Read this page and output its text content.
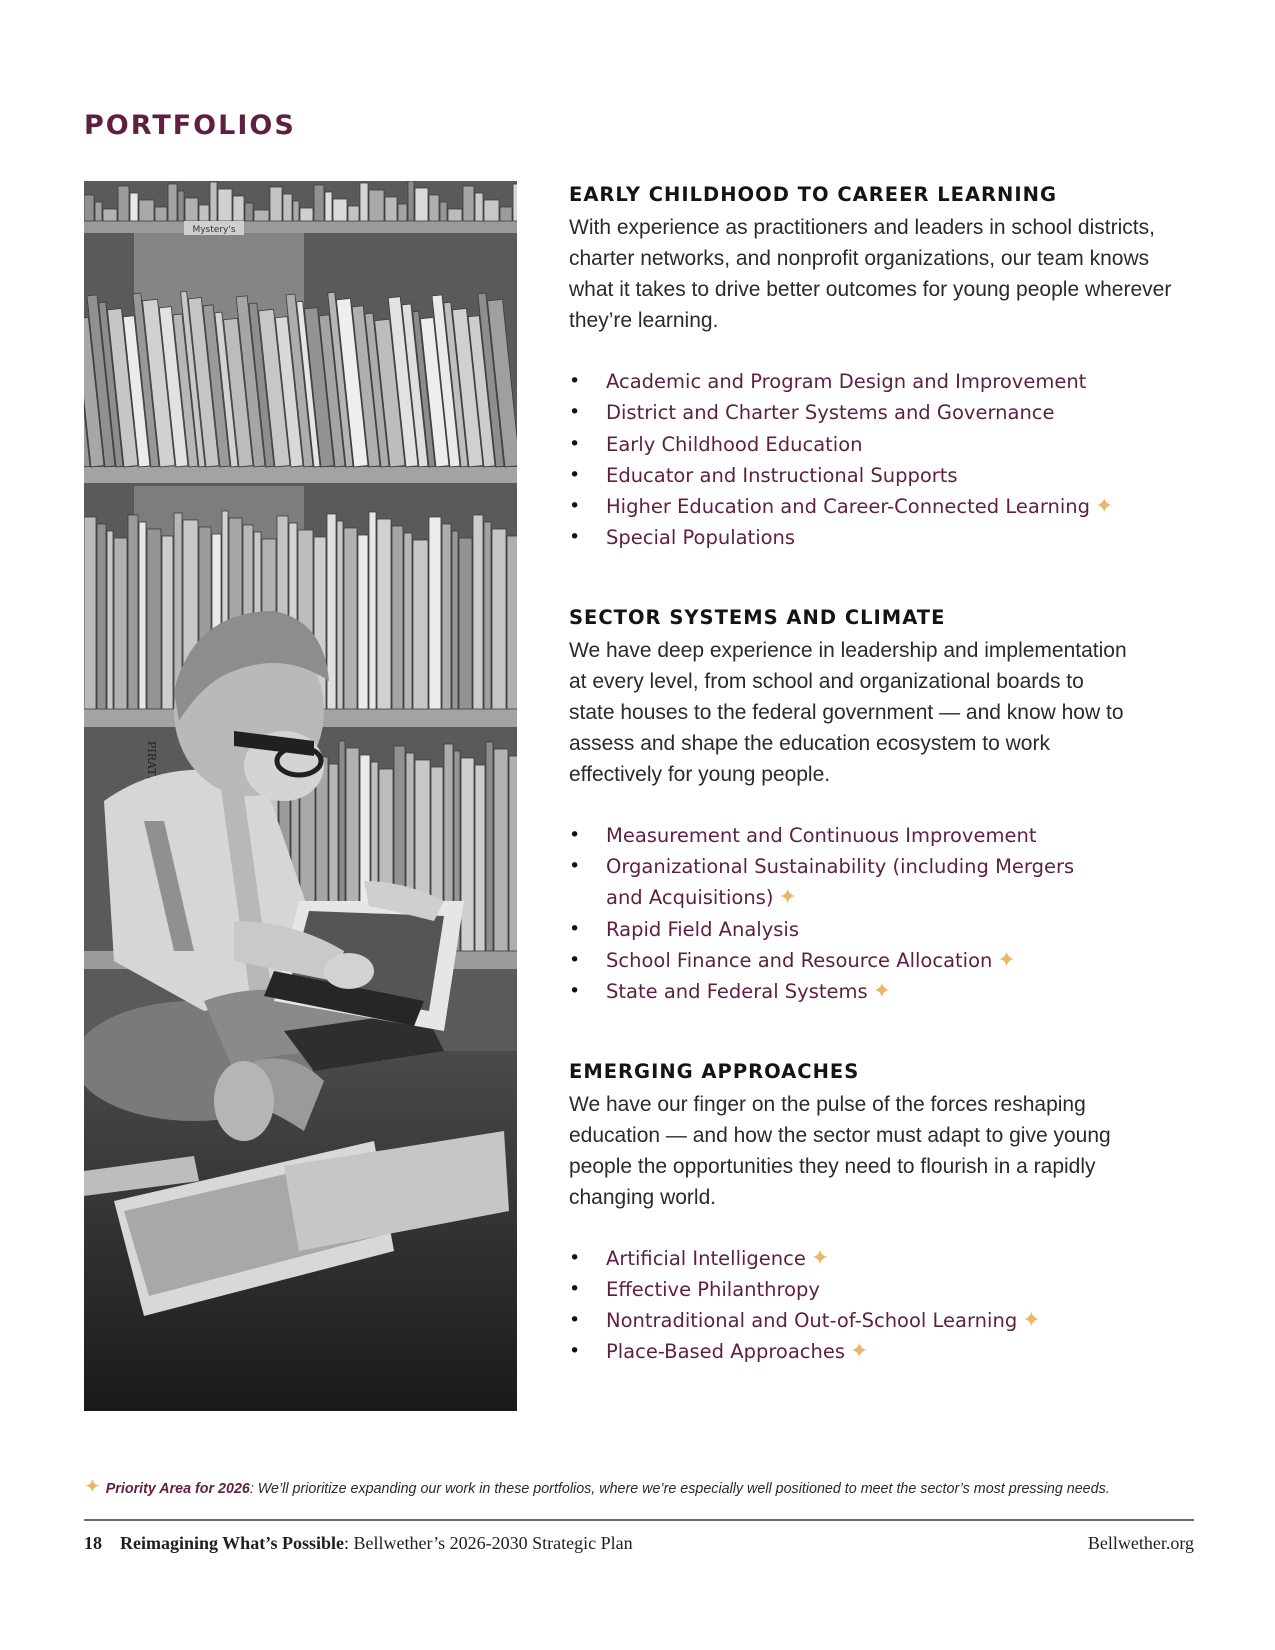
PORTFOLIOS
Mystery's
EARLY CHILDHOOD TO CAREER LEARNING

With experience as practitioners and leaders in school districts, charter networks, and nonprofit organizations, our team knows what it takes to drive better outcomes for young people wherever they’re learning.

• Academic and Program Design and Improvement
• District and Charter Systems and Governance
• Early Childhood Education
• Educator and Instructional Supports
• Higher Education and Career-Connected Learning ✦
• Special Populations
SECTOR SYSTEMS AND CLIMATE

We have deep experience in leadership and implementation at every level, from school and organizational boards to state houses to the federal government — and know how to assess and shape the education ecosystem to work effectively for young people.

• Measurement and Continuous Improvement
• Organizational Sustainability (including Mergers and Acquisitions) ✦
• Rapid Field Analysis
• School Finance and Resource Allocation ✦
• State and Federal Systems ✦
EMERGING APPROACHES

We have our finger on the pulse of the forces reshaping education — and how the sector must adapt to give young people the opportunities they need to flourish in a rapidly changing world.

• Artificial Intelligence ✦
• Effective Philanthropy
• Nontraditional and Out-of-School Learning ✦
• Place-Based Approaches ✦
✦ Priority Area for 2026: We’ll prioritize expanding our work in these portfolios, where we’re especially well positioned to meet the sector’s most pressing needs.
18 Reimagining What’s Possible: Bellwether’s 2026-2030 Strategic Plan	Bellwether.org
